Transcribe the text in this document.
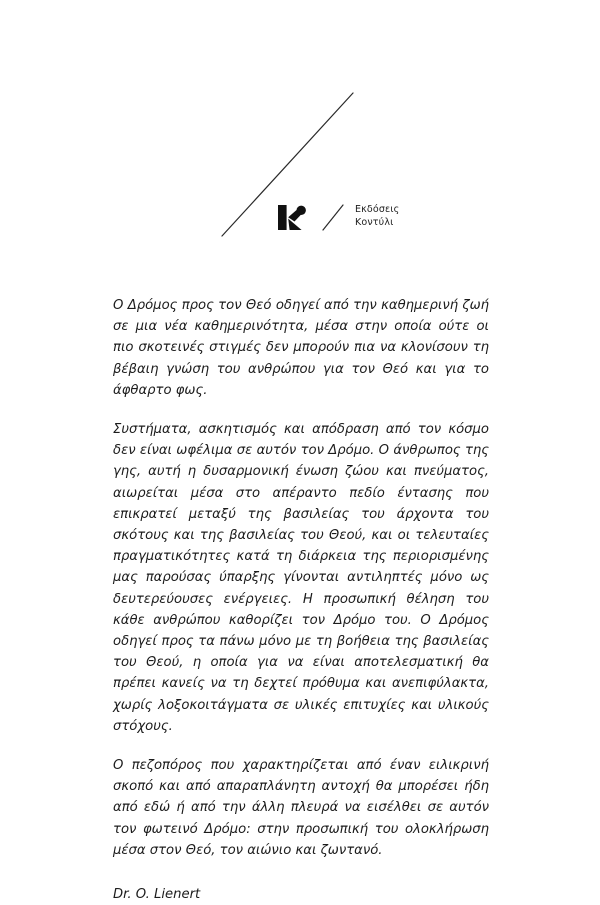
Εκδόσεις
Κοντύλι

Ο Δρόμος προς τον Θεό οδηγεί από την καθημερινή ζωή σε μια νέα καθημερινότητα, μέσα στην οποία ούτε οι πιο σκοτεινές στιγμές δεν μπορούν πια να κλονίσουν τη βέβαιη γνώση του ανθρώπου για τον Θεό και για το άφθαρτο φως.

Συστήματα, ασκητισμός και απόδραση από τον κόσμο δεν είναι ωφέλιμα σε αυτόν τον Δρόμο. Ο άνθρωπος της γης, αυτή η δυσαρμονική ένωση ζώου και πνεύματος, αιωρείται μέσα στο απέραντο πεδίο έντασης που επικρατεί μεταξύ της βασιλείας του άρχοντα του σκότους και της βασιλείας του Θεού, και οι τελευταίες πραγματικότητες κατά τη διάρκεια της περιορισμένης μας παρούσας ύπαρξης γίνονται αντιληπτές μόνο ως δευτερεύουσες ενέργειες. Η προσωπική θέληση του κάθε ανθρώπου καθορίζει τον Δρόμο του. Ο Δρόμος οδηγεί προς τα πάνω μόνο με τη βοήθεια της βασιλείας του Θεού, η οποία για να είναι αποτελεσματική θα πρέπει κανείς να τη δεχτεί πρόθυμα και ανεπιφύλακτα, χωρίς λοξοκοιτάγματα σε υλικές επιτυχίες και υλικούς στόχους.

Ο πεζοπόρος που χαρακτηρίζεται από έναν ειλικρινή σκοπό και από απαραπλάνητη αντοχή θα μπορέσει ήδη από εδώ ή από την άλλη πλευρά να εισέλθει σε αυτόν τον φωτεινό Δρόμο: στην προσωπική του ολοκλήρωση μέσα στον Θεό, τον αιώνιο και ζωντανό.

Dr. O. Lienert
